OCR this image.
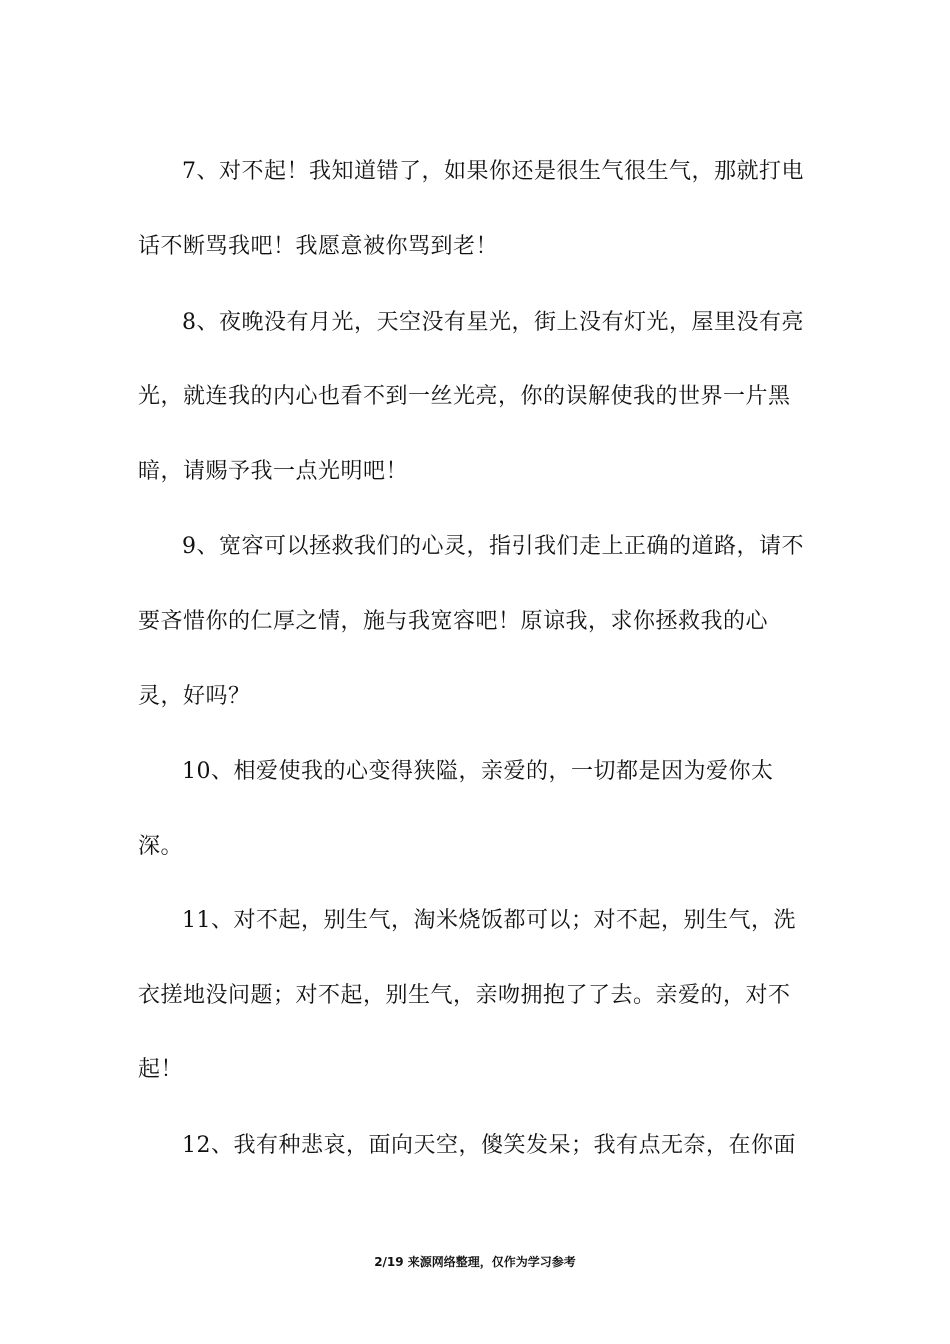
7、对不起！我知道错了，如果你还是很生气很生气，那就打电
话不断骂我吧！我愿意被你骂到老！
8、夜晚没有月光，天空没有星光，街上没有灯光，屋里没有亮
光，就连我的内心也看不到一丝光亮，你的误解使我的世界一片黑
暗，请赐予我一点光明吧！
9、宽容可以拯救我们的心灵，指引我们走上正确的道路，请不
要吝惜你的仁厚之情，施与我宽容吧！原谅我，求你拯救我的心
灵，好吗？
10、相爱使我的心变得狭隘，亲爱的，一切都是因为爱你太
深。
11、对不起，别生气，淘米烧饭都可以；对不起，别生气，洗
衣搓地没问题；对不起，别生气，亲吻拥抱了了去。亲爱的，对不
起！
12、我有种悲哀，面向天空，傻笑发呆；我有点无奈，在你面
2/19 来源网络整理，仅作为学习参考
